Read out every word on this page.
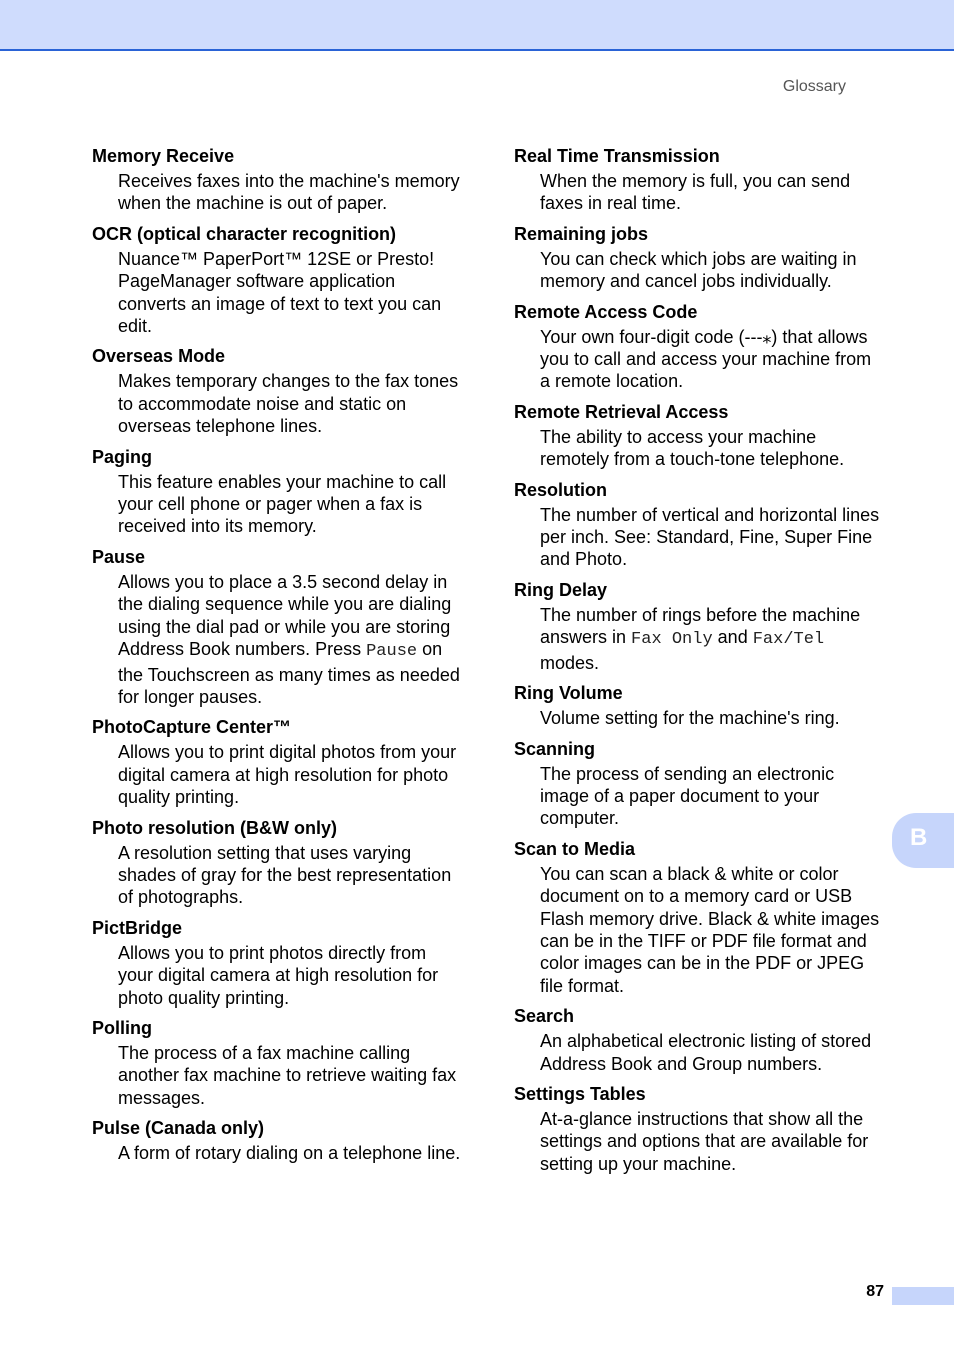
Glossary

Memory Receive

Receives faxes into the machine's memory when the machine is out of paper.

OCR (optical character recognition)

Nuance™ PaperPort™ 12SE or Presto! PageManager software application converts an image of text to text you can edit.

Overseas Mode

Makes temporary changes to the fax tones to accommodate noise and static on overseas telephone lines.

Paging

This feature enables your machine to call your cell phone or pager when a fax is received into its memory.

Pause

Allows you to place a 3.5 second delay in the dialing sequence while you are dialing using the dial pad or while you are storing Address Book numbers. Press Pause on the Touchscreen as many times as needed for longer pauses.

PhotoCapture Center™

Allows you to print digital photos from your digital camera at high resolution for photo quality printing.

Photo resolution (B&W only)

A resolution setting that uses varying shades of gray for the best representation of photographs.

PictBridge

Allows you to print photos directly from your digital camera at high resolution for photo quality printing.

Polling

The process of a fax machine calling another fax machine to retrieve waiting fax messages.

Pulse (Canada only)

A form of rotary dialing on a telephone line.

Real Time Transmission

When the memory is full, you can send faxes in real time.

Remaining jobs

You can check which jobs are waiting in memory and cancel jobs individually.

Remote Access Code

Your own four-digit code (---⁎) that allows you to call and access your machine from a remote location.

Remote Retrieval Access

The ability to access your machine remotely from a touch-tone telephone.

Resolution

The number of vertical and horizontal lines per inch. See: Standard, Fine, Super Fine and Photo.

Ring Delay

The number of rings before the machine answers in Fax Only and Fax/Tel modes.

Ring Volume

Volume setting for the machine's ring.

Scanning

The process of sending an electronic image of a paper document to your computer.

Scan to Media

You can scan a black & white or color document on to a memory card or USB Flash memory drive. Black & white images can be in the TIFF or PDF file format and color images can be in the PDF or JPEG file format.

Search

An alphabetical electronic listing of stored Address Book and Group numbers.

Settings Tables

At-a-glance instructions that show all the settings and options that are available for setting up your machine.

B
87
